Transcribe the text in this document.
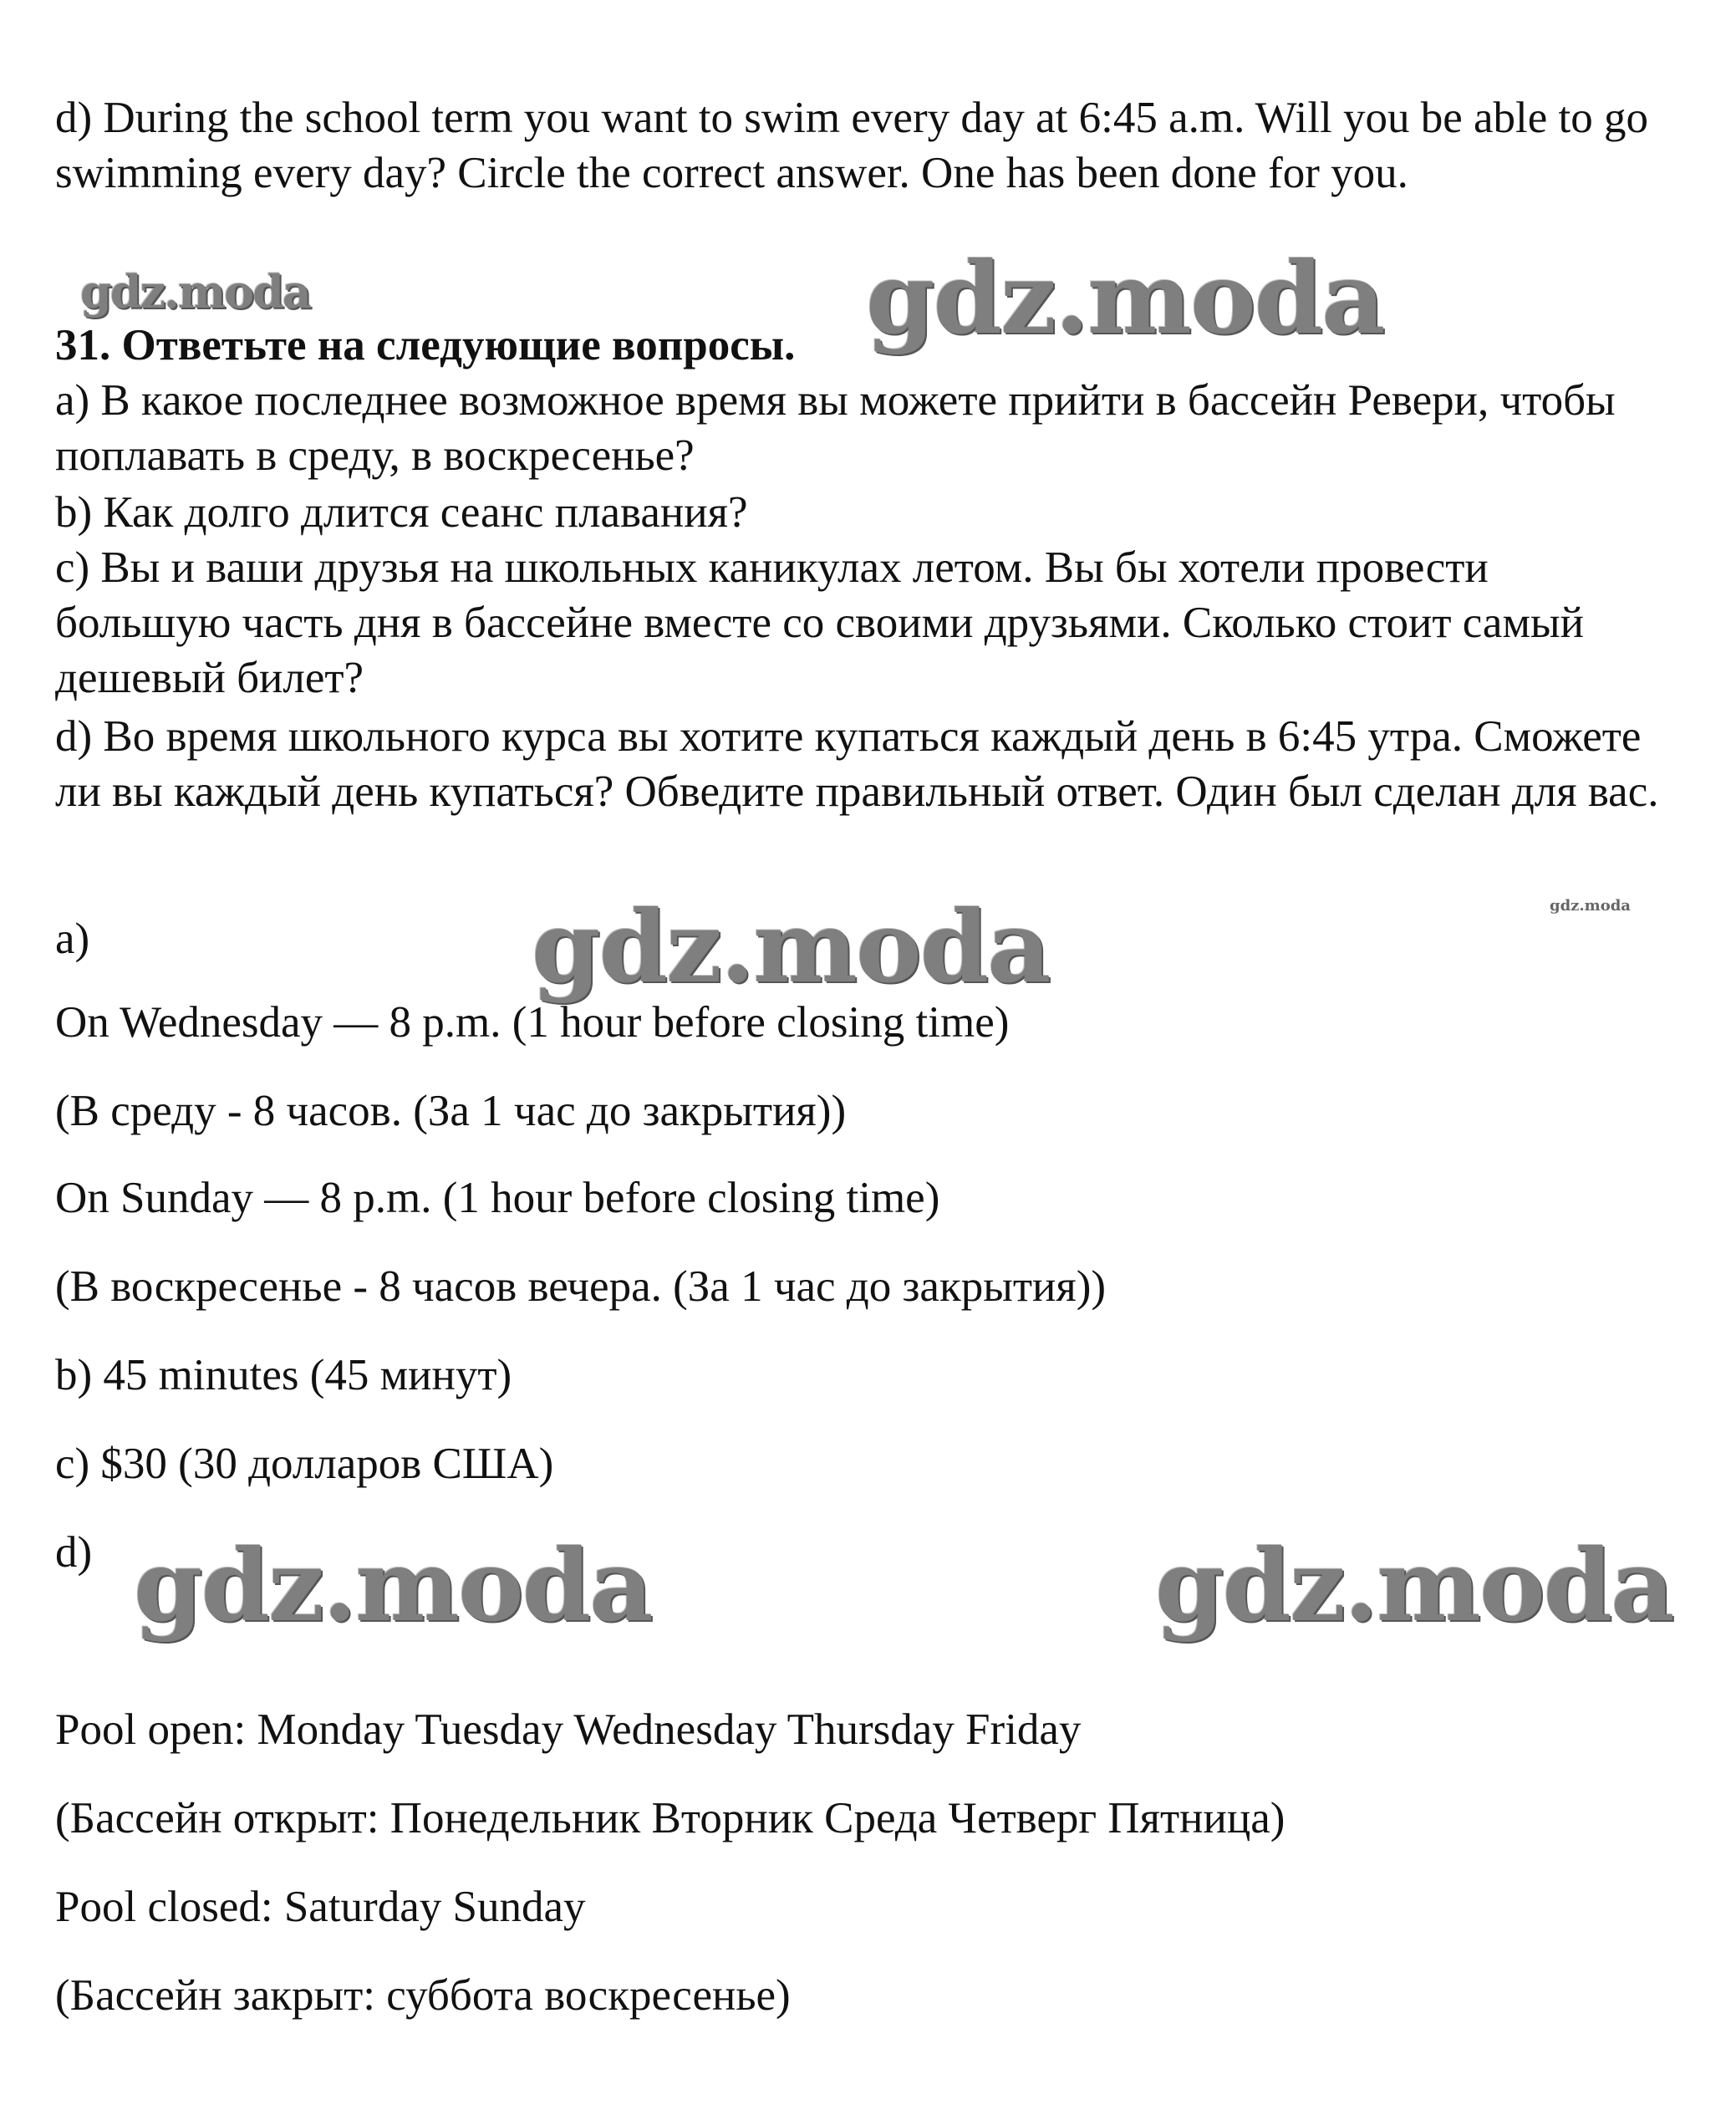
gdz.moda	gdz.moda
gdz.moda
gdz.moda
gdz.moda	gdz.moda

d) During the school term you want to swim every day at 6:45 a.m. Will you be able to go swimming every day? Circle the correct answer. One has been done for you.

31. Ответьте на следующие вопросы.

а) В какое последнее возможное время вы можете прийти в бассейн Ревери, чтобы поплавать в среду, в воскресенье?

b) Как долго длится сеанс плавания?

с) Вы и ваши друзья на школьных каникулах летом. Вы бы хотели провести большую часть дня в бассейне вместе со своими друзьями. Сколько стоит самый дешевый билет?

d) Во время школьного курса вы хотите купаться каждый день в 6:45 утра. Сможете ли вы каждый день купаться? Обведите правильный ответ. Один был сделан для вас.

a)

On Wednesday — 8 p.m. (1 hour before closing time)

(В среду - 8 часов. (За 1 час до закрытия))

On Sunday — 8 p.m. (1 hour before closing time)

(В воскресенье - 8 часов вечера. (За 1 час до закрытия))

b) 45 minutes (45 минут)

c) $30 (30 долларов США)

d)

Pool open: Monday Tuesday Wednesday Thursday Friday

(Бассейн открыт: Понедельник Вторник Среда Четверг Пятница)

Pool closed: Saturday Sunday

(Бассейн закрыт: суббота воскресенье)
